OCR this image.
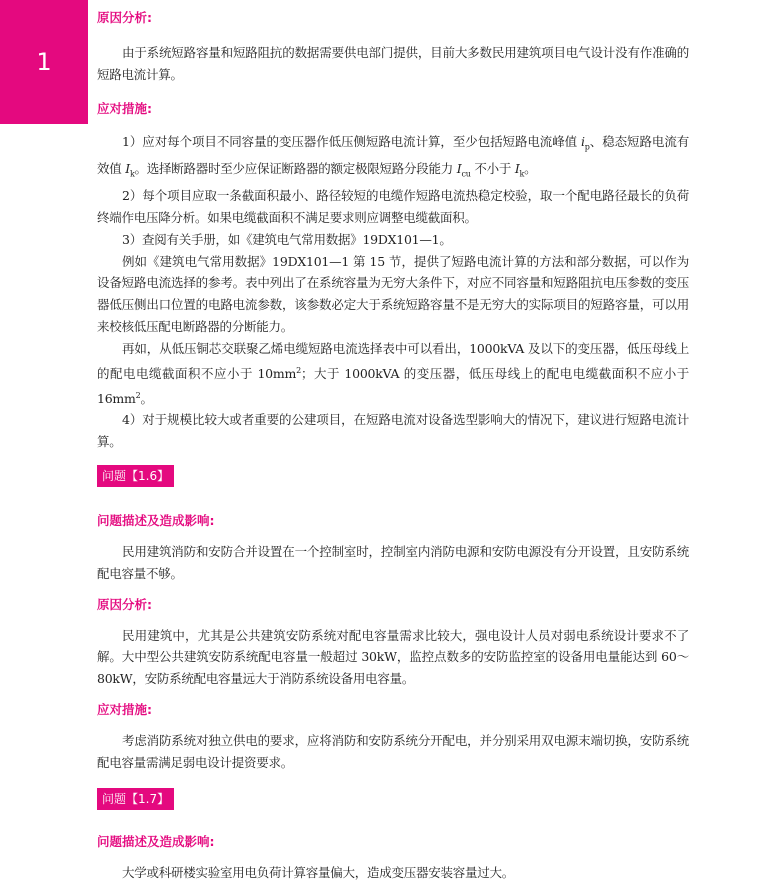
1

原因分析:

由于系统短路容量和短路阻抗的数据需要供电部门提供，目前大多数民用建筑项目电气设计没有作准确的短路电流计算。

应对措施:

1）应对每个项目不同容量的变压器作低压侧短路电流计算，至少包括短路电流峰值 $i_p$、稳态短路电流有效值 $I_k$。选择断路器时至少应保证断路器的额定极限短路分段能力 $I_{cu}$ 不小于 $I_k$。

2）每个项目应取一条截面积最小、路径较短的电缆作短路电流热稳定校验，取一个配电路径最长的负荷终端作电压降分析。如果电缆截面积不满足要求则应调整电缆截面积。

3）查阅有关手册，如《建筑电气常用数据》19DX101—1。

例如《建筑电气常用数据》19DX101—1 第 15 节，提供了短路电流计算的方法和部分数据，可以作为设备短路电流选择的参考。表中列出了在系统容量为无穷大条件下，对应不同容量和短路阻抗电压参数的变压器低压侧出口位置的电路电流参数，该参数必定大于系统短路容量不是无穷大的实际项目的短路容量，可以用来校核低压配电断路器的分断能力。

再如，从低压铜芯交联聚乙烯电缆短路电流选择表中可以看出，1000kVA 及以下的变压器，低压母线上的配电电缆截面积不应小于 $10mm^2$；大于 1000kVA 的变压器，低压母线上的配电电缆截面积不应小于 $16mm^2$。

4）对于规模比较大或者重要的公建项目，在短路电流对设备选型影响大的情况下，建议进行短路电流计算。

问题【1.6】

问题描述及造成影响:

民用建筑消防和安防合并设置在一个控制室时，控制室内消防电源和安防电源没有分开设置，且安防系统配电容量不够。

原因分析:

民用建筑中，尤其是公共建筑安防系统对配电容量需求比较大，强电设计人员对弱电系统设计要求不了解。大中型公共建筑安防系统配电容量一般超过 30kW，监控点数多的安防监控室的设备用电量能达到 60～80kW，安防系统配电容量远大于消防系统设备用电容量。

应对措施:

考虑消防系统对独立供电的要求，应将消防和安防系统分开配电，并分别采用双电源末端切换，安防系统配电容量需满足弱电设计提资要求。

问题【1.7】

问题描述及造成影响:

大学或科研楼实验室用电负荷计算容量偏大，造成变压器安装容量过大。
